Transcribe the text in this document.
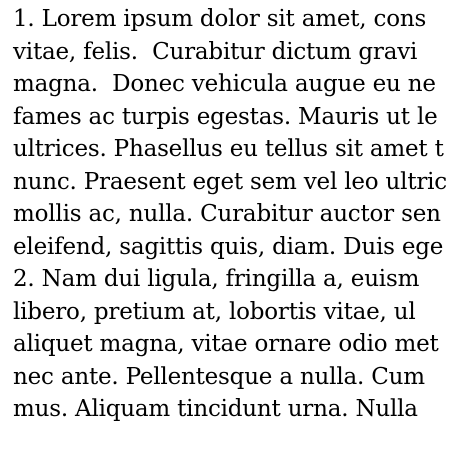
1. Lorem ipsum dolor sit amet, cons
vitae, felis.  Curabitur dictum gravi
magna.  Donec vehicula augue eu ne
fames ac turpis egestas. Mauris ut le
ultrices. Phasellus eu tellus sit amet t
nunc. Praesent eget sem vel leo ultric
mollis ac, nulla. Curabitur auctor sen
eleifend, sagittis quis, diam. Duis ege
2. Nam dui ligula, fringilla a, euism
libero, pretium at, lobortis vitae, ul
aliquet magna, vitae ornare odio met
nec ante. Pellentesque a nulla. Cum
mus. Aliquam tincidunt urna. Nulla
